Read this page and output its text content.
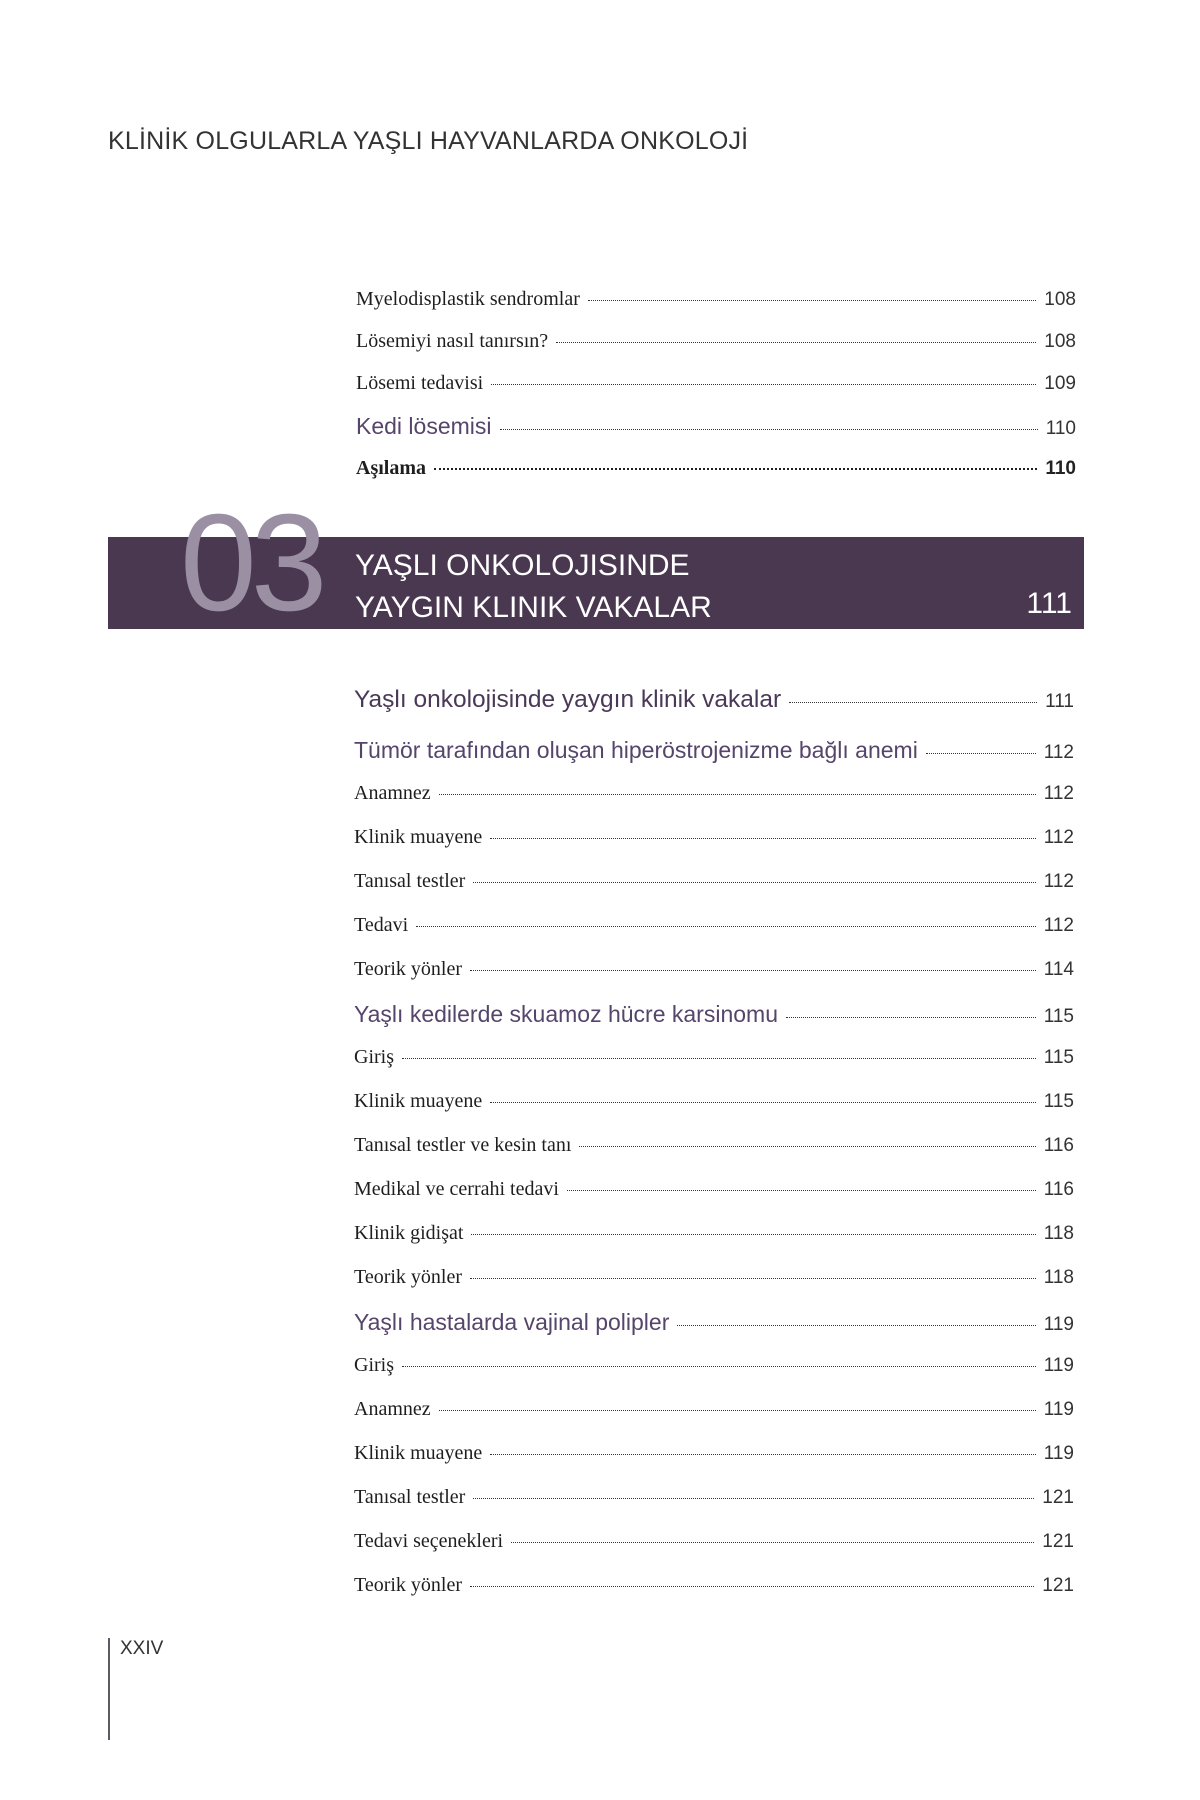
KLİNİK OLGULARLA YAŞLI HAYVANLARDA ONKOLOJİ
Myelodisplastik sendromlar	108
Lösemiyi nasıl tanırsın?	108
Lösemi tedavisi	109
Kedi lösemisi	110
Aşılama	110
03 YAŞLI ONKOLOJISINDE
YAYGIN KLINIK VAKALAR	111
Yaşlı onkolojisinde yaygın klinik vakalar	111
Tümör tarafından oluşan hiperöstrojenizme bağlı anemi	112
Anamnez	112
Klinik muayene	112
Tanısal testler	112
Tedavi	112
Teorik yönler	114
Yaşlı kedilerde skuamoz hücre karsinomu	115
Giriş	115
Klinik muayene	115
Tanısal testler ve kesin tanı	116
Medikal ve cerrahi tedavi	116
Klinik gidişat	118
Teorik yönler	118
Yaşlı hastalarda vajinal polipler	119
Giriş	119
Anamnez	119
Klinik muayene	119
Tanısal testler	121
Tedavi seçenekleri	121
Teorik yönler	121
XXIV
